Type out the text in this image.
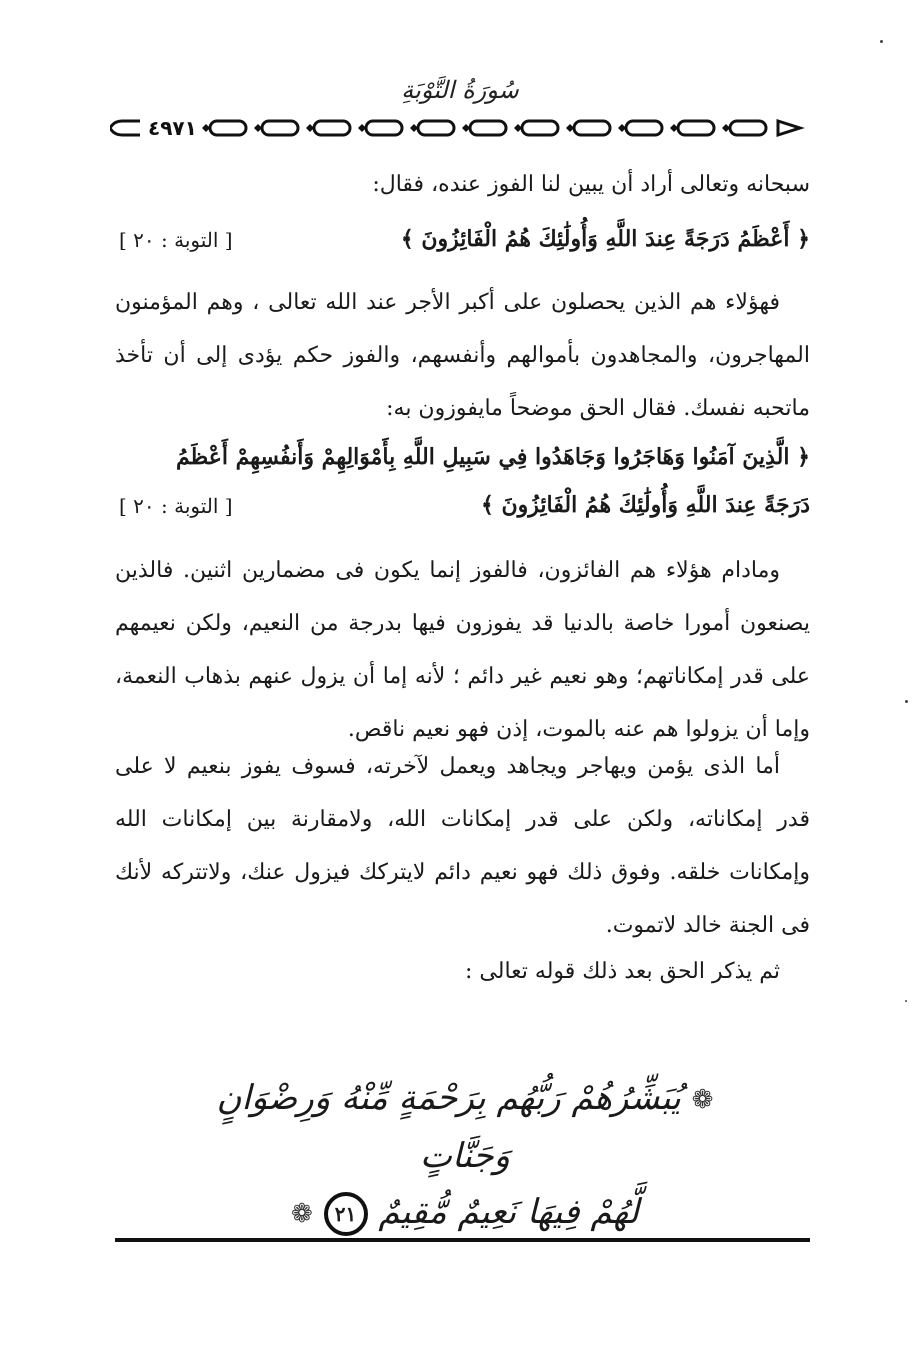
سُورَةُ التَّوْبَةِ
٤٩٧١

سبحانه وتعالى أراد أن يبين لنا الفوز عنده، فقال:

﴿ أَعْظَمُ دَرَجَةً عِندَ اللَّهِ وَأُولَٰئِكَ هُمُ الْفَائِزُونَ ﴾
[ التوبة : ٢٠ ]

فهؤلاء هم الذين يحصلون على أكبر الأجر عند الله تعالى ، وهم المؤمنون المهاجرون، والمجاهدون بأموالهم وأنفسهم، والفوز حكم يؤدى إلى أن تأخذ ماتحبه نفسك. فقال الحق موضحاً مايفوزون به:

﴿ الَّذِينَ آمَنُوا وَهَاجَرُوا وَجَاهَدُوا فِي سَبِيلِ اللَّهِ بِأَمْوَالِهِمْ وَأَنفُسِهِمْ أَعْظَمُ
دَرَجَةً عِندَ اللَّهِ وَأُولَٰئِكَ هُمُ الْفَائِزُونَ ﴾
[ التوبة : ٢٠ ]

ومادام هؤلاء هم الفائزون، فالفوز إنما يكون فى مضمارين اثنين. فالذين يصنعون أمورا خاصة بالدنيا قد يفوزون فيها بدرجة من النعيم، ولكن نعيمهم على قدر إمكاناتهم؛ وهو نعيم غير دائم ؛ لأنه إما أن يزول عنهم بذهاب النعمة، وإما أن يزولوا هم عنه بالموت، إذن فهو نعيم ناقص.

أما الذى يؤمن ويهاجر ويجاهد ويعمل لآخرته، فسوف يفوز بنعيم لا على قدر إمكاناته، ولكن على قدر إمكانات الله، ولامقارنة بين إمكانات الله وإمكانات خلقه. وفوق ذلك فهو نعيم دائم لايتركك فيزول عنك، ولاتتركه لأنك فى الجنة خالد لاتموت.

ثم يذكر الحق بعد ذلك قوله تعالى :

❁ يُبَشِّرُهُمْ رَبُّهُم بِرَحْمَةٍ مِّنْهُ وَرِضْوَانٍ وَجَنَّاتٍ
لَّهُمْ فِيهَا نَعِيمٌ مُّقِيمٌ ٢١ ❁
